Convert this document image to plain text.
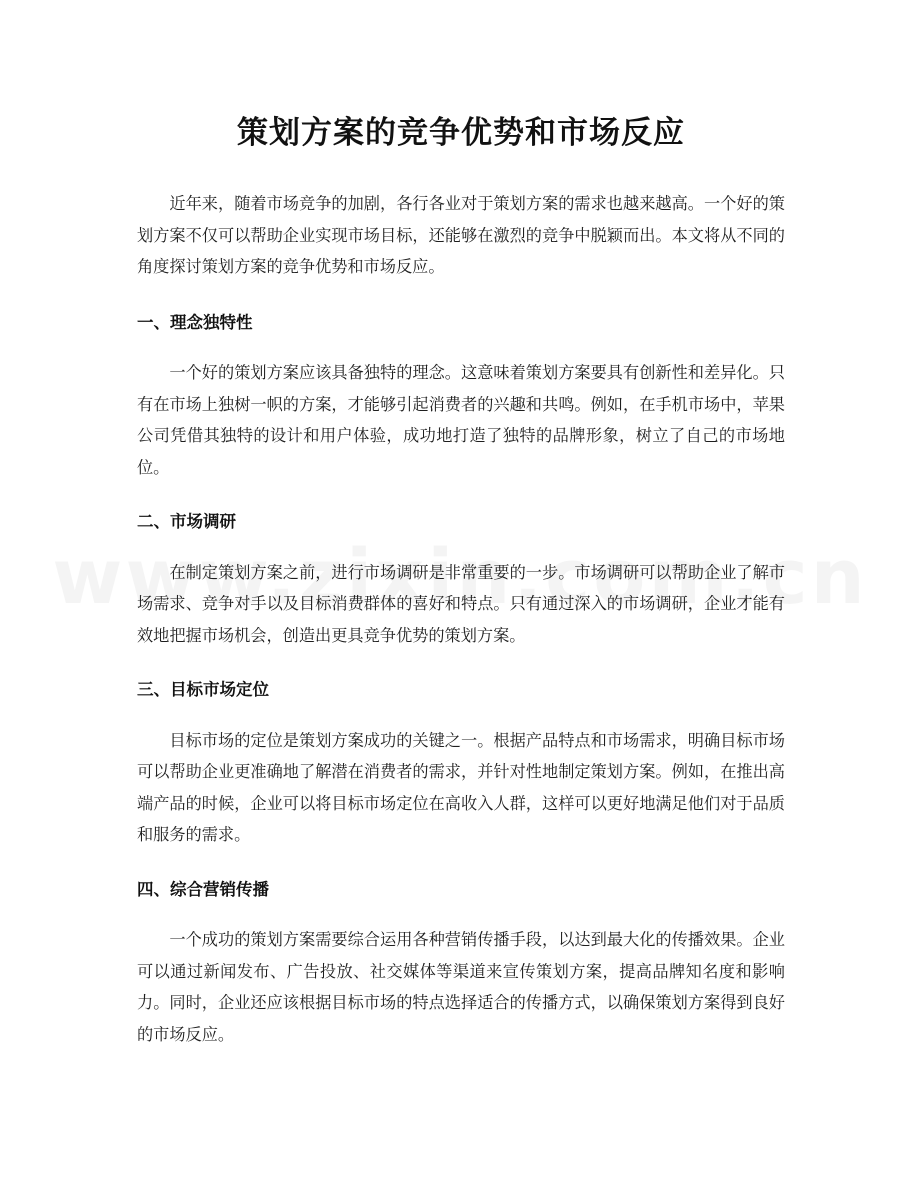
策划方案的竞争优势和市场反应

近年来，随着市场竞争的加剧，各行各业对于策划方案的需求也越来越高。一个好的策划方案不仅可以帮助企业实现市场目标，还能够在激烈的竞争中脱颖而出。本文将从不同的角度探讨策划方案的竞争优势和市场反应。

一、理念独特性

一个好的策划方案应该具备独特的理念。这意味着策划方案要具有创新性和差异化。只有在市场上独树一帜的方案，才能够引起消费者的兴趣和共鸣。例如，在手机市场中，苹果公司凭借其独特的设计和用户体验，成功地打造了独特的品牌形象，树立了自己的市场地位。

二、市场调研

在制定策划方案之前，进行市场调研是非常重要的一步。市场调研可以帮助企业了解市场需求、竞争对手以及目标消费群体的喜好和特点。只有通过深入的市场调研，企业才能有效地把握市场机会，创造出更具竞争优势的策划方案。

三、目标市场定位

目标市场的定位是策划方案成功的关键之一。根据产品特点和市场需求，明确目标市场可以帮助企业更准确地了解潜在消费者的需求，并针对性地制定策划方案。例如，在推出高端产品的时候，企业可以将目标市场定位在高收入人群，这样可以更好地满足他们对于品质和服务的需求。

四、综合营销传播

一个成功的策划方案需要综合运用各种营销传播手段，以达到最大化的传播效果。企业可以通过新闻发布、广告投放、社交媒体等渠道来宣传策划方案，提高品牌知名度和影响力。同时，企业还应该根据目标市场的特点选择适合的传播方式，以确保策划方案得到良好的市场反应。
